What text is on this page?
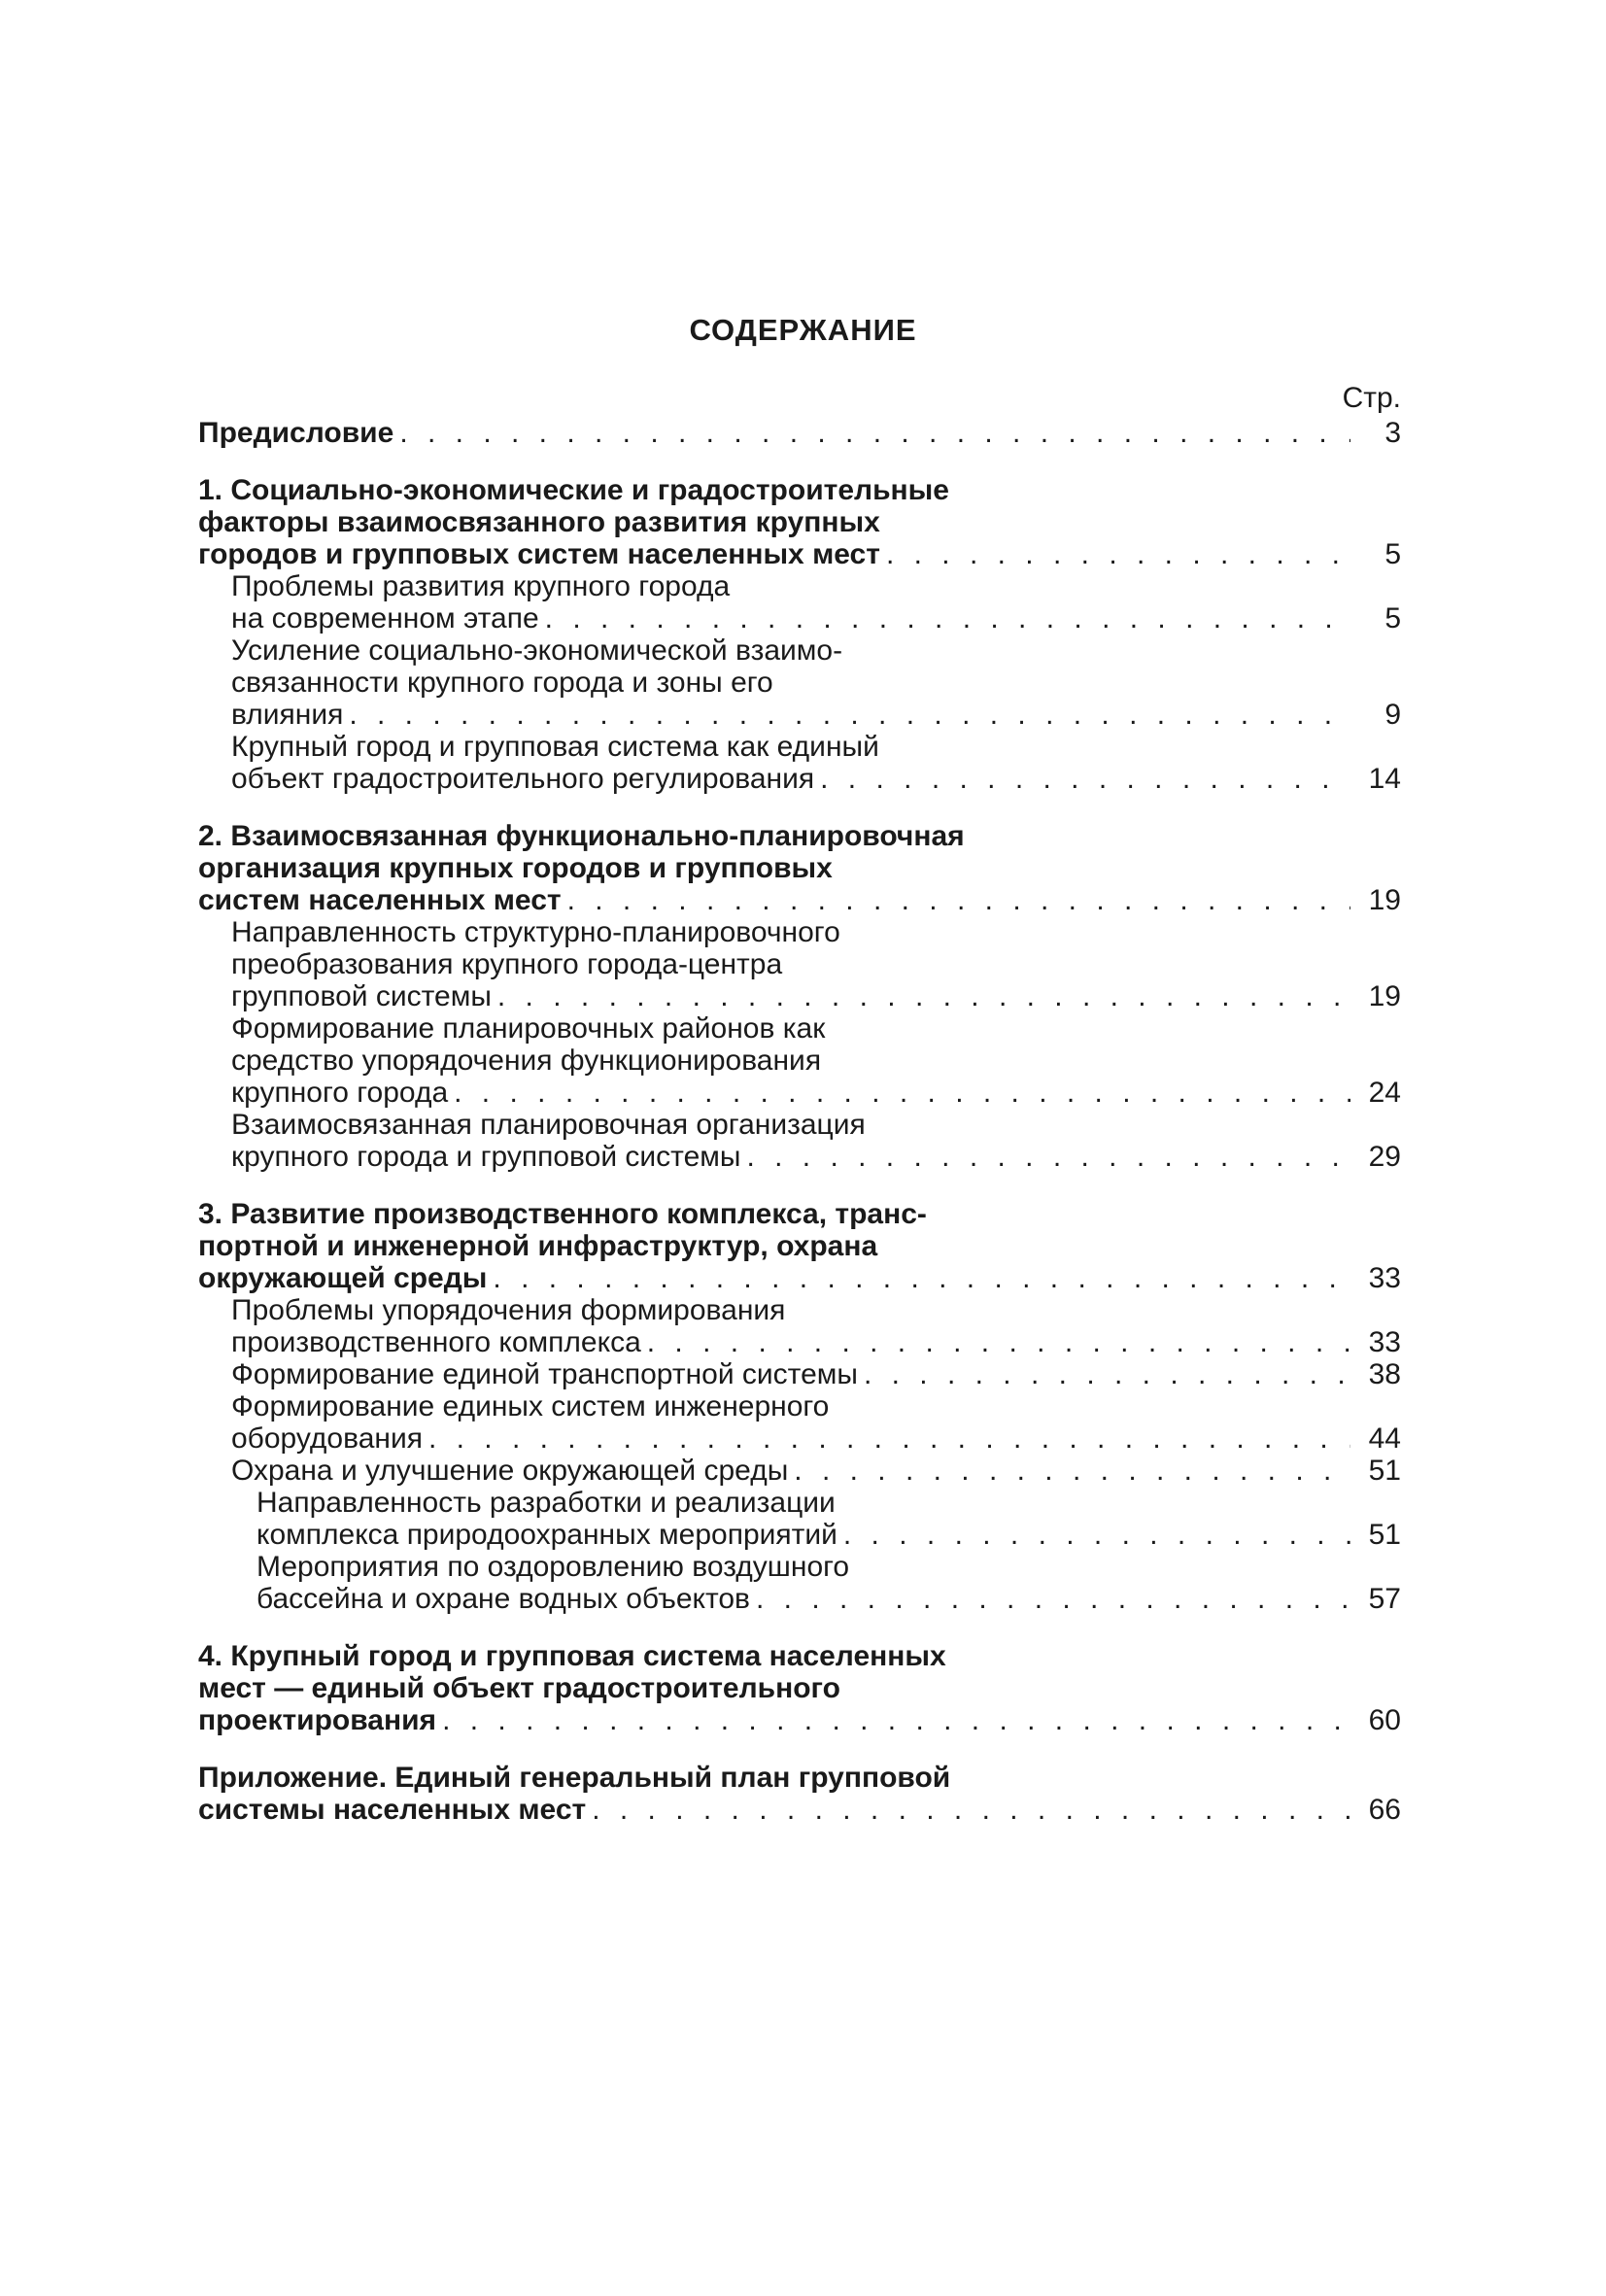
СОДЕРЖАНИЕ
Стр.
Предисловие . . .	3
1. Социально-экономические и градостроительные
факторы взаимосвязанного развития крупных
городов и групповых систем населенных мест . . .	5
Проблемы развития крупного города
на современном этапе . . .	5
Усиление социально-экономической взаимо-
связанности крупного города и зоны его
влияния . . .	9
Крупный город и групповая система как единый
объект градостроительного регулирования . . .	14
2. Взаимосвязанная функционально-планировочная
организация крупных городов и групповых
систем населенных мест . . .	19
Направленность структурно-планировочного
преобразования крупного города-центра
групповой системы . . .	19
Формирование планировочных районов как
средство упорядочения функционирования
крупного города . . .	24
Взаимосвязанная планировочная организация
крупного города и групповой системы . . .	29
3. Развитие производственного комплекса, транс-
портной и инженерной инфраструктур, охрана
окружающей среды . . .	33
Проблемы упорядочения формирования
производственного комплекса . . .	33
Формирование единой транспортной системы . . .	38
Формирование единых систем инженерного
оборудования . . .	44
Охрана и улучшение окружающей среды . . .	51
Направленность разработки и реализации
комплекса природоохранных мероприятий . . .	51
Мероприятия по оздоровлению воздушного
бассейна и охране водных объектов . . .	57
4. Крупный город и групповая система населенных
мест — единый объект градостроительного
проектирования . . .	60
Приложение. Единый генеральный план групповой
системы населенных мест . . .	66
